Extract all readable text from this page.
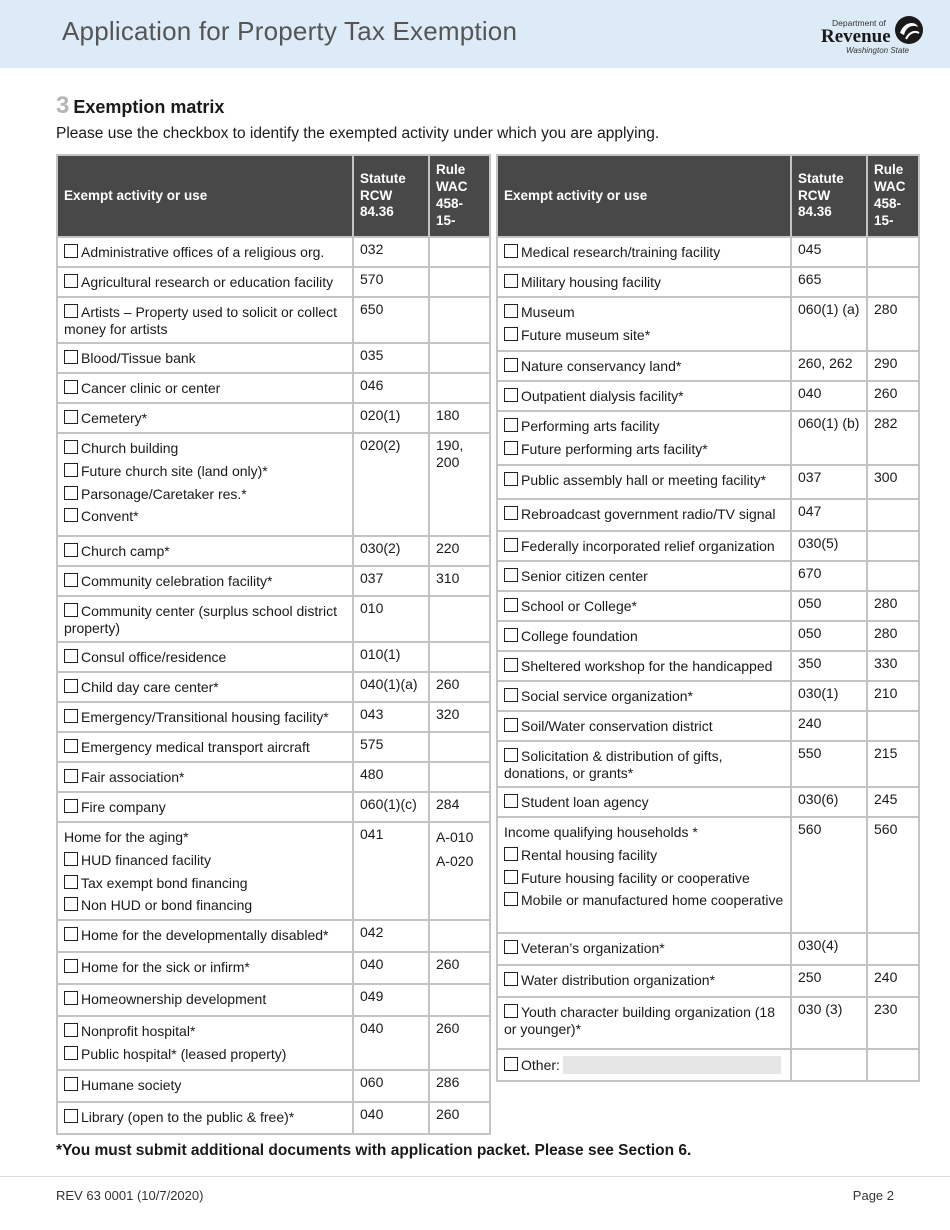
Application for Property Tax Exemption	Department of
Revenue
Washington State
3 Exemption matrix
Please use the checkbox to identify the exempted activity under which you are applying.
Exempt activity or use	Statute
RCW
84.36	Rule
WAC
458-
15-

Administrative offices of a religious org.	032	

Agricultural research or education facility	570	

Artists – Property used to solicit or collect money for artists	650	

Blood/Tissue bank	035	

Cancer clinic or center	046	

Cemetery*	020(1)	180

Church building
Future church site (land only)*
Parsonage/Caretaker res.*
Convent*	020(2)	190, 200

Church camp*	030(2)	220

Community celebration facility*	037	310

Community center (surplus school district property)	010	

Consul office/residence	010(1)	

Child day care center*	040(1)(a)	260

Emergency/Transitional housing facility*	043	320

Emergency medical transport aircraft	575	

Fair association*	480	

Fire company	060(1)(c)	284

Home for the aging*
HUD financed facility
Tax exempt bond financing
Non HUD or bond financing	041	A-010 A-020

Home for the developmentally disabled*	042	

Home for the sick or infirm*	040	260

Homeownership development	049	

Nonprofit hospital*
Public hospital* (leased property)	040	260

Humane society	060	286

Library (open to the public & free)*	040	260
Exempt activity or use	Statute
RCW
84.36	Rule
WAC
458-
15-

Medical research/training facility	045	

Military housing facility	665	

Museum
Future museum site*	060(1) (a)	280

Nature conservancy land*	260, 262	290

Outpatient dialysis facility*	040	260

Performing arts facility
Future performing arts facility*	060(1) (b)	282

Public assembly hall or meeting facility*	037	300

Rebroadcast government radio/TV signal	047	

Federally incorporated relief organization	030(5)	

Senior citizen center	670	

School or College*	050	280

College foundation	050	280

Sheltered workshop for the handicapped	350	330

Social service organization*	030(1)	210

Soil/Water conservation district	240	

Solicitation & distribution of gifts, donations, or grants*	550	215

Student loan agency	030(6)	245

Income qualifying households *
Rental housing facility
Future housing facility or cooperative
Mobile or manufactured home cooperative	560	560

Veteran’s organization*	030(4)	

Water distribution organization*	250	240

Youth character building organization (18 or younger)*	030 (3)	230

Other:		

*You must submit additional documents with application packet. Please see Section 6.
REV 63 0001 (10/7/2020)	Page 2
